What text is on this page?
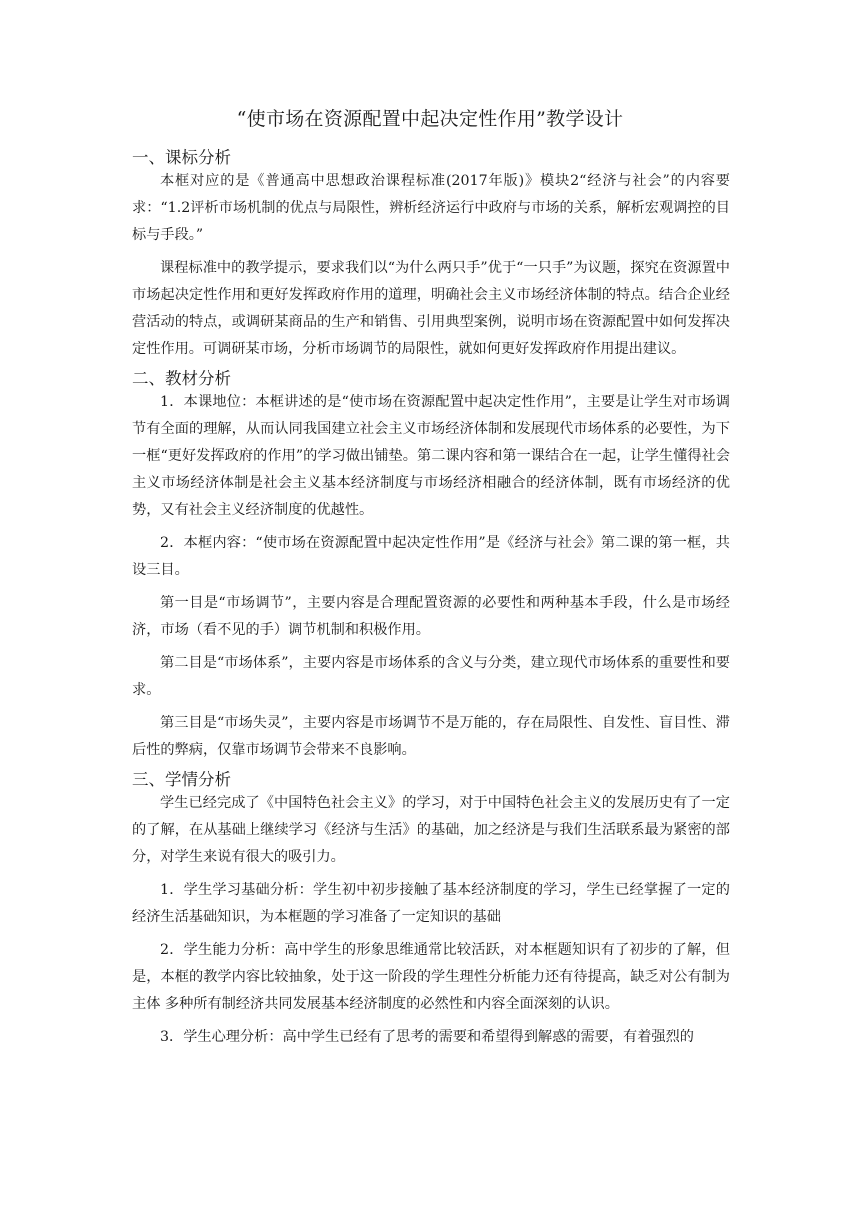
“使市场在资源配置中起决定性作用”教学设计
一、课标分析

本框对应的是《普通高中思想政治课程标准(2017年版)》模块2“经济与社会”的内容要求：“1.2评析市场机制的优点与局限性，辨析经济运行中政府与市场的关系，解析宏观调控的目标与手段。”

课程标准中的教学提示，要求我们以“为什么两只手”优于“一只手”为议题，探究在资源置中市场起决定性作用和更好发挥政府作用的道理，明确社会主义市场经济体制的特点。结合企业经营活动的特点，或调研某商品的生产和销售、引用典型案例，说明市场在资源配置中如何发挥决定性作用。可调研某市场，分析市场调节的局限性，就如何更好发挥政府作用提出建议。

二、教材分析

1．本课地位：本框讲述的是“使市场在资源配置中起决定性作用”，主要是让学生对市场调节有全面的理解，从而认同我国建立社会主义市场经济体制和发展现代市场体系的必要性，为下一框“更好发挥政府的作用”的学习做出铺垫。第二课内容和第一课结合在一起，让学生懂得社会主义市场经济体制是社会主义基本经济制度与市场经济相融合的经济体制，既有市场经济的优势，又有社会主义经济制度的优越性。

2．本框内容：“使市场在资源配置中起决定性作用”是《经济与社会》第二课的第一框，共设三目。

第一目是“市场调节”，主要内容是合理配置资源的必要性和两种基本手段，什么是市场经济，市场（看不见的手）调节机制和积极作用。

第二目是“市场体系”，主要内容是市场体系的含义与分类，建立现代市场体系的重要性和要求。

第三目是“市场失灵”，主要内容是市场调节不是万能的，存在局限性、自发性、盲目性、滞后性的弊病，仅靠市场调节会带来不良影响。

三、学情分析

学生已经完成了《中国特色社会主义》的学习，对于中国特色社会主义的发展历史有了一定的了解，在从基础上继续学习《经济与生活》的基础，加之经济是与我们生活联系最为紧密的部分，对学生来说有很大的吸引力。

1．学生学习基础分析：学生初中初步接触了基本经济制度的学习，学生已经掌握了一定的经济生活基础知识，为本框题的学习准备了一定知识的基础

2．学生能力分析：高中学生的形象思维通常比较活跃，对本框题知识有了初步的了解，但是，本框的教学内容比较抽象，处于这一阶段的学生理性分析能力还有待提高，缺乏对公有制为主体 多种所有制经济共同发展基本经济制度的必然性和内容全面深刻的认识。

3．学生心理分析：高中学生已经有了思考的需要和希望得到解惑的需要，有着强烈的
